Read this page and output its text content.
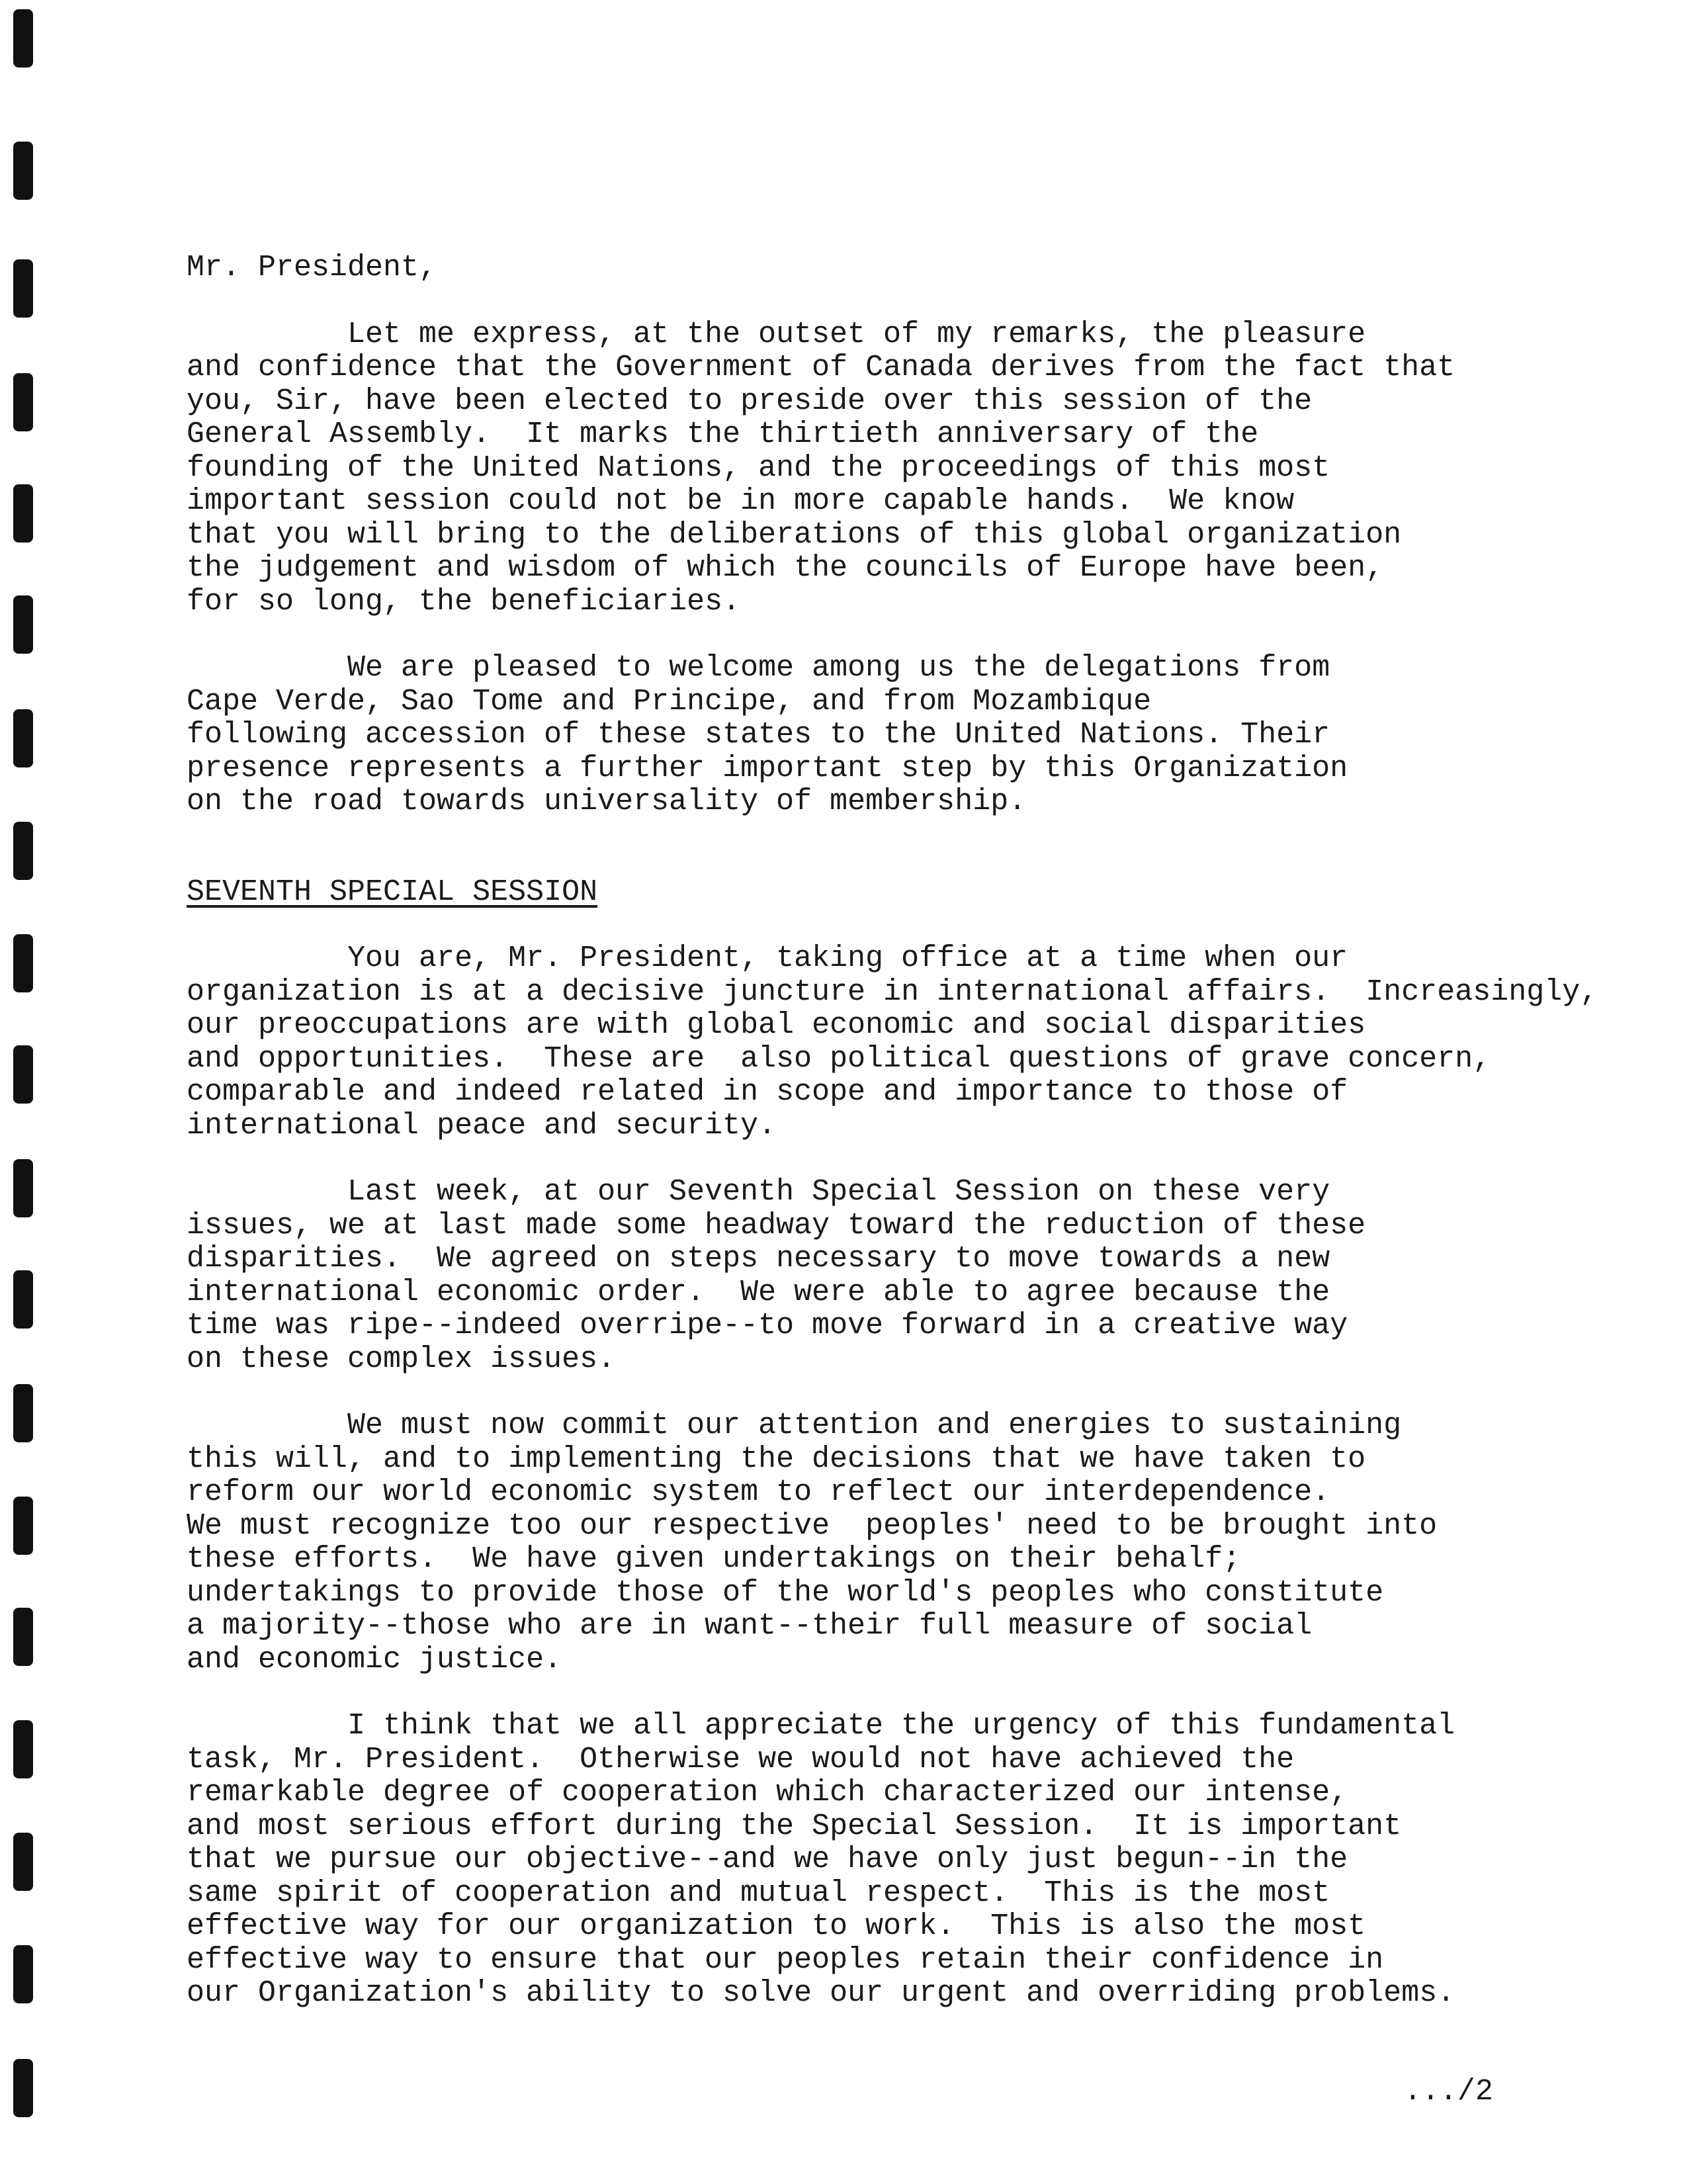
Mr. President,
Let me express, at the outset of my remarks, the pleasure
and confidence that the Government of Canada derives from the fact that
you, Sir, have been elected to preside over this session of the
General Assembly.  It marks the thirtieth anniversary of the
founding of the United Nations, and the proceedings of this most
important session could not be in more capable hands.  We know
that you will bring to the deliberations of this global organization
the judgement and wisdom of which the councils of Europe have been,
for so long, the beneficiaries.
We are pleased to welcome among us the delegations from
Cape Verde, Sao Tome and Principe, and from Mozambique
following accession of these states to the United Nations. Their
presence represents a further important step by this Organization
on the road towards universality of membership.
SEVENTH SPECIAL SESSION
You are, Mr. President, taking office at a time when our
organization is at a decisive juncture in international affairs.  Increasingly,
our preoccupations are with global economic and social disparities
and opportunities.  These are  also political questions of grave concern,
comparable and indeed related in scope and importance to those of
international peace and security.
Last week, at our Seventh Special Session on these very
issues, we at last made some headway toward the reduction of these
disparities.  We agreed on steps necessary to move towards a new
international economic order.  We were able to agree because the
time was ripe--indeed overripe--to move forward in a creative way
on these complex issues.
We must now commit our attention and energies to sustaining
this will, and to implementing the decisions that we have taken to
reform our world economic system to reflect our interdependence.
We must recognize too our respective  peoples' need to be brought into
these efforts.  We have given undertakings on their behalf;
undertakings to provide those of the world's peoples who constitute
a majority--those who are in want--their full measure of social
and economic justice.
I think that we all appreciate the urgency of this fundamental
task, Mr. President.  Otherwise we would not have achieved the
remarkable degree of cooperation which characterized our intense,
and most serious effort during the Special Session.  It is important
that we pursue our objective--and we have only just begun--in the
same spirit of cooperation and mutual respect.  This is the most
effective way for our organization to work.  This is also the most
effective way to ensure that our peoples retain their confidence in
our Organization's ability to solve our urgent and overriding problems.
.../2
